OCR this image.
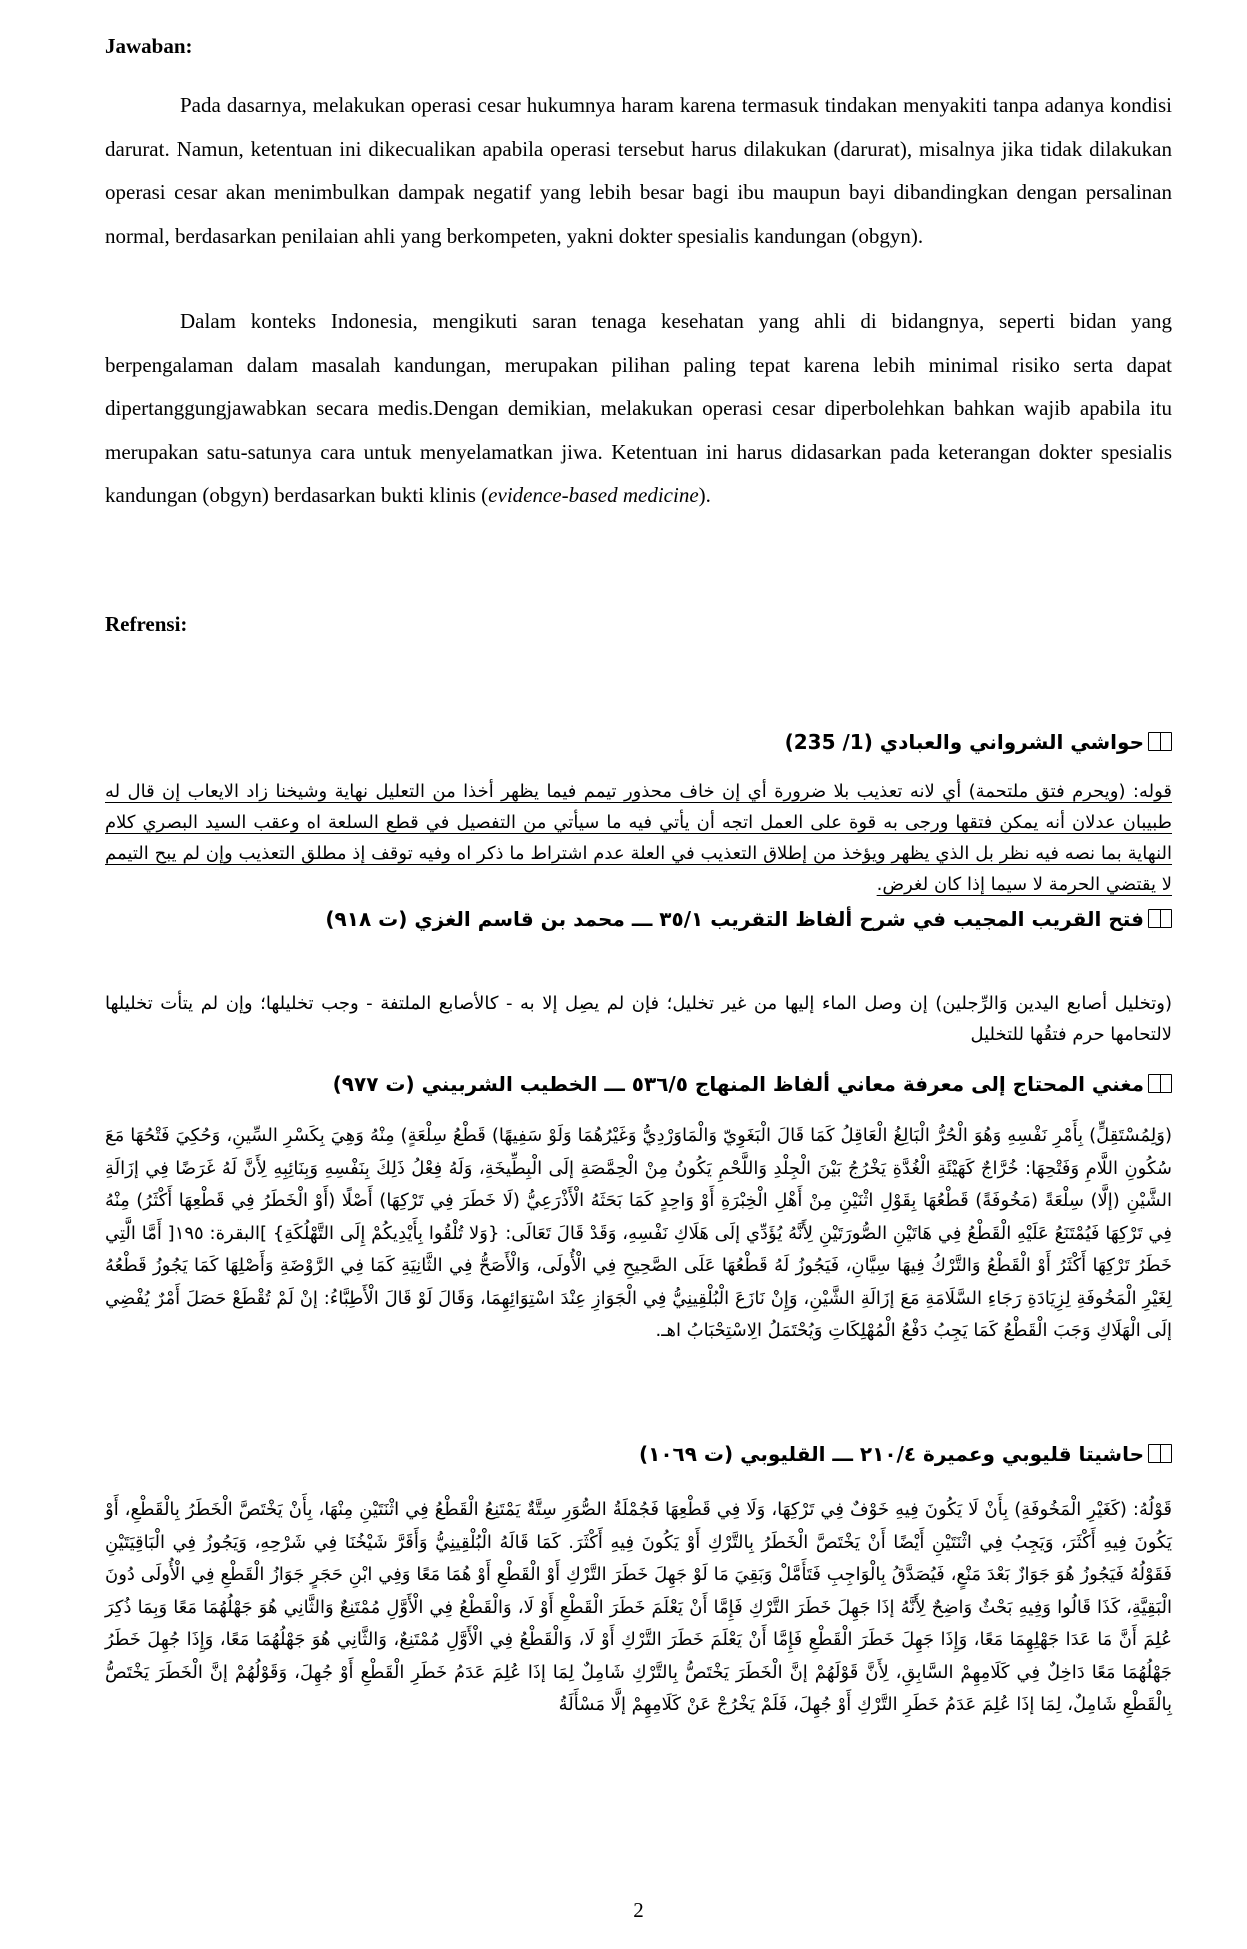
Jawaban:
Pada dasarnya, melakukan operasi cesar hukumnya haram karena termasuk tindakan menyakiti tanpa adanya kondisi darurat. Namun, ketentuan ini dikecualikan apabila operasi tersebut harus dilakukan (darurat), misalnya jika tidak dilakukan operasi cesar akan menimbulkan dampak negatif yang lebih besar bagi ibu maupun bayi dibandingkan dengan persalinan normal, berdasarkan penilaian ahli yang berkompeten, yakni dokter spesialis kandungan (obgyn).
Dalam konteks Indonesia, mengikuti saran tenaga kesehatan yang ahli di bidangnya, seperti bidan yang berpengalaman dalam masalah kandungan, merupakan pilihan paling tepat karena lebih minimal risiko serta dapat dipertanggungjawabkan secara medis.Dengan demikian, melakukan operasi cesar diperbolehkan bahkan wajib apabila itu merupakan satu-satunya cara untuk menyelamatkan jiwa. Ketentuan ini harus didasarkan pada keterangan dokter spesialis kandungan (obgyn) berdasarkan bukti klinis (evidence-based medicine).
Refrensi:
حواشي الشرواني والعبادي (1/ 235)
قوله: (ويحرم فتق ملتحمة) أي لانه تعذيب بلا ضرورة أي إن خاف محذور تيمم فيما يظهر أخذا من التعليل نهاية وشيخنا زاد الايعاب إن قال له طبيبان عدلان أنه يمكن فتقها ورجى به قوة على العمل اتجه أن يأتي فيه ما سيأتي من التفصيل في قطع السلعة اه وعقب السيد البصري كلام النهاية بما نصه فيه نظر بل الذي يظهر ويؤخذ من إطلاق التعذيب في العلة عدم اشتراط ما ذكر اه وفيه توقف إذ مطلق التعذيب وإن لم يبح التيمم لا يقتضي الحرمة لا سيما إذا كان لغرض.
فتح القريب المجيب في شرح ألفاظ التقريب ٣٥/١ ـــ محمد بن قاسم الغزي (ت ٩١٨)
(وتخليل أصابع اليدين وَالرِّجلين) إن وصل الماء إليها من غير تخليل؛ فإن لم يصِل إلا به - كالأصابع الملتفة - وجب تخليلها؛ وإن لم يتأت تخليلها لالتحامها حرم فتقُها للتخليل
مغني المحتاج إلى معرفة معاني ألفاظ المنهاج ٥٣٦/٥ ـــ الخطيب الشربيني (ت ٩٧٧)
(وَلِمُسْتَقِلٍّ) بِأَمْرِ نَفْسِهِ وَهُوَ الْحُرُّ الْبَالِغُ الْعَاقِلُ كَمَا قَالَ الْبَغَوِيّ وَالْمَاوَرْدِيُّ وَغَيْرُهُمَا وَلَوْ سَفِيهًا) قَطْعُ سِلْعَةٍ) مِنْهُ وَهِيَ بِكَسْرِ السِّينِ، وَحُكِيَ فَتْحُهَا مَعَ سُكُونِ اللَّامِ وَفَتْحِهَا: خُرَّاجٌ كَهَيْئَةِ الْغُدَّةِ يَخْرُجُ بَيْنَ الْجِلْدِ وَاللَّحْمِ يَكُونُ مِنْ الْحِمَّصَةِ إلَى الْبِطِّيخَةِ، وَلَهُ فِعْلُ ذَلِكَ بِنَفْسِهِ وَبِنَائِبِهِ لِأَنَّ لَهُ غَرَضًا فِي إزَالَةِ الشَّيْنِ (إلَّا) سِلْعَةً (مَخُوفَةً) قَطْعُهَا بِقَوْلِ اثْنَيْنِ مِنْ أَهْلِ الْخِبْرَةِ أَوْ وَاحِدٍ كَمَا بَحَثَهُ الْأَذْرَعِيُّ (لَا خَطَرَ فِي تَرْكِهَا) أَصْلًا (أَوْ الْخَطَرُ فِي قَطْعِهَا أَكْثَرُ) مِنْهُ فِي تَرْكِهَا فَيُمْتَنَعُ عَلَيْهِ الْقَطْعُ فِي هَاتَيْنِ الصُّورَتَيْنِ لِأَنَّهُ يُؤَدِّي إلَى هَلَاكِ نَفْسِهِ، وَقَدْ قَالَ تَعَالَى: {وَلا تُلْقُوا بِأَيْدِيكُمْ إِلَى التَّهْلُكَةِ} ]البقرة: ١٩٥[ أَمَّا الَّتِي خَطَرُ تَرْكِهَا أَكْثَرُ أَوْ الْقَطْعُ وَالتَّرْكُ فِيهَا سِيَّانِ، فَيَجُوزُ لَهُ قَطْعُهَا عَلَى الصَّحِيحِ فِي الْأُولَى، وَالْأَصَحُّ فِي الثَّانِيَةِ كَمَا فِي الرَّوْضَةِ وَأَصْلِهَا كَمَا يَجُوزُ قَطْعُهُ لِغَيْرِ الْمَخُوفَةِ لِزِيَادَةِ رَجَاءِ السَّلَامَةِ مَعَ إزَالَةِ الشَّيْنِ، وَإِنْ نَازَعَ الْبُلْقِينِيُّ فِي الْجَوَازِ عِنْدَ اسْتِوَائِهِمَا، وَقَالَ لَوْ قَالَ الْأَطِبَّاءُ: إنْ لَمْ تُقْطَعْ حَصَلَ أَمْرٌ يُفْضِي إلَى الْهَلَاكِ وَجَبَ الْقَطْعُ كَمَا يَجِبُ دَفْعُ الْمُهْلِكَاتِ وَيُحْتَمَلُ الِاسْتِحْبَابُ اهـ.
حاشيتا قليوبي وعميرة ٢١٠/٤ ـــ القليوبي (ت ١٠٦٩)
قَوْلُهُ: (كَغَيْرِ الْمَخُوفَةِ) بِأَنْ لَا يَكُونَ فِيهِ خَوْفٌ فِي تَرْكِهَا، وَلَا فِي قَطْعِهَا فَجُمْلَةُ الصُّوَرِ سِتَّةٌ يَمْتَنِعُ الْقَطْعُ فِي اثْنَتَيْنِ مِنْهَا، بِأَنْ يَخْتَصَّ الْخَطَرُ بِالْقَطْعِ، أَوْ يَكُونَ فِيهِ أَكْثَرَ، وَيَجِبُ فِي اثْنَتَيْنِ أَيْضًا أَنْ يَخْتَصَّ الْخَطَرُ بِالتَّرْكِ أَوْ يَكُونَ فِيهِ أَكْثَرَ. كَمَا قَالَهُ الْبُلْقِينِيُّ وَأَقَرَّ شَيْخُنَا فِي شَرْحِهِ، وَيَجُوزُ فِي الْبَاقِيَتَيْنِ فَقَوْلُهُ فَيَجُوزُ هُوَ جَوَازٌ بَعْدَ مَنْعٍ، فَيُصَدَّقُ بِالْوَاجِبِ فَتَأَمَّلْ وَبَقِيَ مَا لَوْ جَهِلَ خَطَرَ التَّرْكِ أَوْ الْقَطْعِ أَوْ هُمَا مَعًا وَفِي ابْنِ حَجَرٍ جَوَازُ الْقَطْعِ فِي الْأُولَى دُونَ الْبَقِيَّةِ، كَذَا قَالُوا وَفِيهِ بَحْثٌ وَاضِحٌ لِأَنَّهُ إذَا جَهِلَ خَطَرَ التَّرْكِ فَإِمَّا أَنْ يَعْلَمَ خَطَرَ الْقَطْعِ أَوْ لَا، وَالْقَطْعُ فِي الْأَوَّلِ مُمْتَنِعٌ وَالثَّانِي هُوَ جَهْلُهُمَا مَعًا وَبِمَا ذُكِرَ عُلِمَ أَنَّ مَا عَدَا جَهْلِهِمَا مَعًا، وَإِذَا جَهِلَ خَطَرَ الْقَطْعِ فَإِمَّا أَنْ يَعْلَمَ خَطَرَ التَّرْكِ أَوْ لَا، وَالْقَطْعُ فِي الْأَوَّلِ مُمْتَنِعٌ، وَالثَّانِي هُوَ جَهْلُهُمَا مَعًا، وَإِذَا جُهِلَ خَطَرُ جَهْلُهُمَا مَعًا دَاخِلٌ فِي كَلَامِهِمْ السَّابِقِ، لِأَنَّ قَوْلَهُمْ إنَّ الْخَطَرَ يَخْتَصُّ بِالتَّرْكِ شَامِلٌ لِمَا إذَا عُلِمَ عَدَمُ خَطَرِ الْقَطْعِ أَوْ جُهِلَ، وَقَوْلُهُمْ إنَّ الْخَطَرَ يَخْتَصُّ بِالْقَطْعِ شَامِلٌ، لِمَا إذَا عُلِمَ عَدَمُ خَطَرِ التَّرْكِ أَوْ جُهِلَ، فَلَمْ يَخْرُجْ عَنْ كَلَامِهِمْ إلَّا مَسْأَلَةُ
2
